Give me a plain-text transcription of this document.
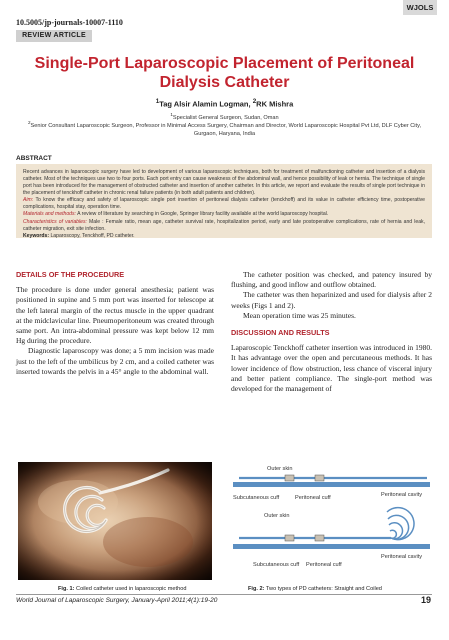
WJOLS
10.5005/jp-journals-10007-1110
REVIEW ARTICLE
Single-Port Laparoscopic Placement of Peritoneal Dialysis Catheter
$^1$Tag Alsir Alamin Logman, $^2$RK Mishra
$^1$Specialist General Surgeon, Sudan, Oman
$^2$Senior Consultant Laparoscopic Surgeon, Professor in Minimal Access Surgery, Chairman and Director, World Laparoscopic Hospital Pvt Ltd, DLF Cyber City, Gurgaon, Haryana, India
ABSTRACT

Recent advances in laparoscopic surgery have led to development of various laparoscopic techniques, both for treatment of malfunctioning catheter and insertion of a dialysis catheter. Most of the techniques use two to four ports. Each port entry can cause weakness of the abdominal wall, and hence possibility of leak or hernia. The technique of single port has been introduced for the management of obstructed catheter and insertion of another catheter. In this article, we report and evaluate the results of single port technique in the placement of tenckhoff catheter in chronic renal failure patients (in both adult patients and children).

Aim: To know the efficacy and safety of laparoscopic single port insertion of peritoneal dialysis catheter (tenckhoff) and its value in catheter efficiency time, postoperative complications, hospital stay, operation time.

Materials and methods: A review of literature by searching in Google, Springer library facility available at the world laparoscopy hospital.

Characteristics of variables: Male : Female ratio, mean age, catheter survival rate, hospitalization period, early and late postoperative complications, rate of hernia and leak, catheter migration, exit site infection.

Keywords: Laparoscopy, Tenckhoff, PD catheter.

DETAILS OF THE PROCEDURE

The procedure is done under general anesthesia; patient was positioned in supine and 5 mm port was inserted for telescope at the left lateral margin of the rectus muscle in the upper quadrant at the midclavicular line. Pneumoperitoneum was created through same port. An intra-abdominal pressure was kept below 12 mm Hg during the procedure.

Diagnostic laparoscopy was done; a 5 mm incision was made just to the left of the umbilicus by 2 cm, and a coiled catheter was inserted towards the pelvis in a 45° angle to the abdominal wall.

The catheter position was checked, and patency insured by flushing, and good inflow and outflow obtained.

The catheter was then heparinized and used for dialysis after 2 weeks (Figs 1 and 2).

Mean operation time was 25 minutes.

DISCUSSION AND RESULTS

Laparoscopic Tenckhoff catheter insertion was introduced in 1980. It has advantage over the open and percutaneous methods. It has lower incidence of flow obstruction, less chance of visceral injury and better patient compliance. The single-port method was developed for the management of

Fig. 1: Coiled catheter used in laparoscopic method
Outer skin
Subcutaneous cuff	Peritoneal cuff	Peritoneal cavity
Outer skin
Subcutaneous cuff Peritoneal cuff
Peritoneal cavity
Fig. 2: Two types of PD catheters: Straight and Coiled
World Journal of Laparoscopic Surgery, January-April 2011;4(1):19-20	19
